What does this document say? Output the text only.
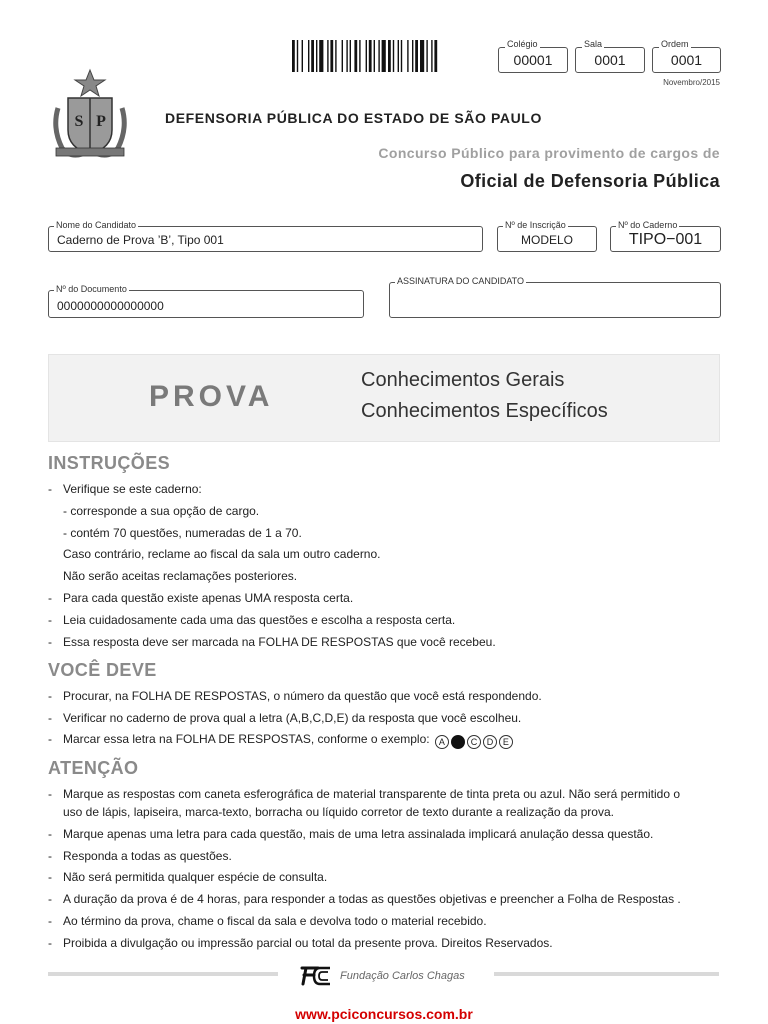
Colégio
00001
Sala
0001
Ordem
0001
Novembro/2015
S P	DEFENSORIA PÚBLICA DO ESTADO DE SÃO PAULO
Concurso Público para provimento de cargos de
Oficial de Defensoria Pública
Nome do Candidato
Caderno de Prova ’B’, Tipo 001
Nº de Inscrição
MODELO
Nº do Caderno
TIPO−001
Nº do Documento
0000000000000000
ASSINATURA DO CANDIDATO
PROVA	Conhecimentos Gerais
Conhecimentos Específicos
INSTRUÇÕES
- Verifique se este caderno:
- corresponde a sua opção de cargo.
- contém 70 questões, numeradas de 1 a 70.
Caso contrário, reclame ao fiscal da sala um outro caderno.
Não serão aceitas reclamações posteriores.
- Para cada questão existe apenas UMA resposta certa.
- Leia cuidadosamente cada uma das questões e escolha a resposta certa.
- Essa resposta deve ser marcada na FOLHA DE RESPOSTAS que você recebeu.
VOCÊ DEVE
- Procurar, na FOLHA DE RESPOSTAS, o número da questão que você está respondendo.
- Verificar no caderno de prova qual a letra (A,B,C,D,E) da resposta que você escolheu.
- Marcar essa letra na FOLHA DE RESPOSTAS, conforme o exemplo: A B C D E
ATENÇÃO
- Marque as respostas com caneta esferográfica de material transparente de tinta preta ou azul. Não será permitido o
uso de lápis, lapiseira, marca-texto, borracha ou líquido corretor de texto durante a realização da prova.
- Marque apenas uma letra para cada questão, mais de uma letra assinalada implicará anulação dessa questão.
- Responda a todas as questões.
- Não será permitida qualquer espécie de consulta.
- A duração da prova é de 4 horas, para responder a todas as questões objetivas e preencher a Folha de Respostas .
- Ao término da prova, chame o fiscal da sala e devolva todo o material recebido.
- Proibida a divulgação ou impressão parcial ou total da presente prova. Direitos Reservados.
Fundação Carlos Chagas
www.pciconcursos.com.br
